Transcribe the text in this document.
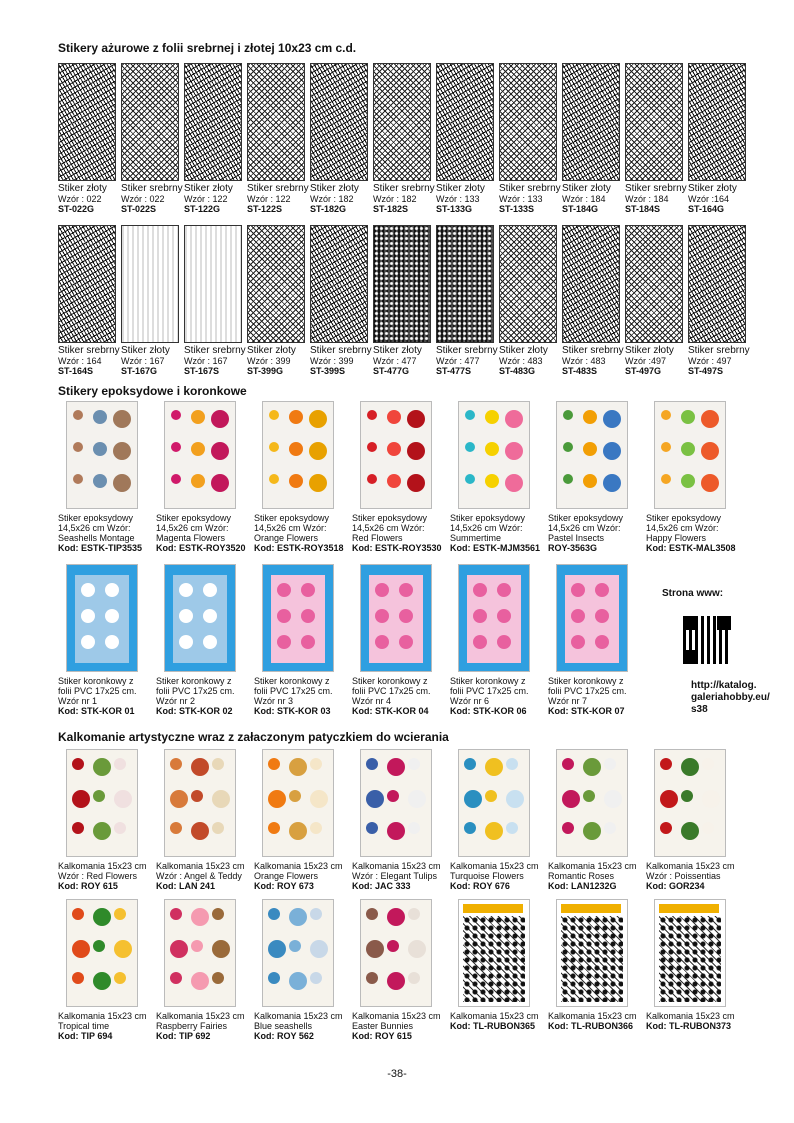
Stikery ażurowe z folii srebrnej i złotej 10x23 cm c.d.
Stiker złoty
Wzór : 022
ST-022G
Stiker srebrny
Wzór : 022
ST-022S
Stiker złoty
Wzór : 122
ST-122G
Stiker srebrny
Wzór : 122
ST-122S
Stiker złoty
Wzór : 182
ST-182G
Stiker srebrny
Wzór : 182
ST-182S
Stiker złoty
Wzór : 133
ST-133G
Stiker srebrny
Wzór : 133
ST-133S
Stiker złoty
Wzór : 184
ST-184G
Stiker srebrny
Wzór : 184
ST-184S
Stiker złoty
Wzór :164
ST-164G
Stiker srebrny
Wzór : 164
ST-164S
Stiker złoty
Wzór : 167
ST-167G
Stiker srebrny
Wzór : 167
ST-167S
Stiker złoty
Wzór : 399
ST-399G
Stiker srebrny
Wzór : 399
ST-399S
Stiker złoty
Wzór : 477
ST-477G
Stiker srebrny
Wzór : 477
ST-477S
Stiker złoty
Wzór : 483
ST-483G
Stiker srebrny
Wzór : 483
ST-483S
Stiker złoty
Wzór :497
ST-497G
Stiker srebrny
Wzór : 497
ST-497S
Stikery epoksydowe i koronkowe
Stiker epoksydowy
14,5x26 cm Wzór:
Seashells Montage
Kod: ESTK-TIP3535
Stiker epoksydowy
14,5x26 cm Wzór:
Magenta Flowers
Kod: ESTK-ROY3520
Stiker epoksydowy
14,5x26 cm Wzór:
Orange Flowers
Kod: ESTK-ROY3518
Stiker epoksydowy
14,5x26 cm Wzór:
Red Flowers
Kod: ESTK-ROY3530
Stiker epoksydowy
14,5x26 cm Wzór:
Summertime
Kod: ESTK-MJM3561
Stiker epoksydowy
14,5x26 cm Wzór:
Pastel Insects
ROY-3563G
Stiker epoksydowy
14,5x26 cm Wzór:
Happy Flowers
Kod: ESTK-MAL3508
Stiker koronkowy z
folii PVC 17x25 cm.
Wzór nr 1
Kod: STK-KOR 01
Stiker koronkowy z
folii PVC 17x25 cm.
Wzór nr 2
Kod: STK-KOR 02
Stiker koronkowy z
folii PVC 17x25 cm.
Wzór nr 3
Kod: STK-KOR 03
Stiker koronkowy z
folii PVC 17x25 cm.
Wzór nr 4
Kod: STK-KOR 04
Stiker koronkowy z
folii PVC 17x25 cm.
Wzór nr 6
Kod: STK-KOR 06
Stiker koronkowy z
folii PVC 17x25 cm.
Wzór nr 7
Kod: STK-KOR 07
Strona www:
http://katalog.
galeriahobby.eu/
s38
Kalkomanie artystyczne wraz z załaczonym patyczkiem do wcierania
Kalkomania 15x23 cm
Wzór : Red Flowers
Kod: ROY 615
Kalkomania 15x23 cm
Wzór : Angel & Teddy
Kod: LAN 241
Kalkomania 15x23 cm
Orange Flowers
Kod: ROY 673
Kalkomania 15x23 cm
Wzór : Elegant Tulips
Kod: JAC 333
Kalkomania 15x23 cm
Turquoise Flowers
Kod: ROY 676
Kalkomania 15x23 cm
Romantic Roses
Kod: LAN1232G
Kalkomania 15x23 cm
Wzór : Poissentias
Kod: GOR234
Kalkomania 15x23 cm
Tropical time
Kod: TIP 694
Kalkomania 15x23 cm
Raspberry Fairies
Kod: TIP 692
Kalkomania 15x23 cm
Blue seashells
Kod: ROY 562
Kalkomania 15x23 cm
Easter Bunnies
Kod: ROY 615
Kalkomania 15x23 cm
Kod: TL-RUBON365
Kalkomania 15x23 cm
Kod: TL-RUBON366
Kalkomania 15x23 cm
Kod: TL-RUBON373
-38-
